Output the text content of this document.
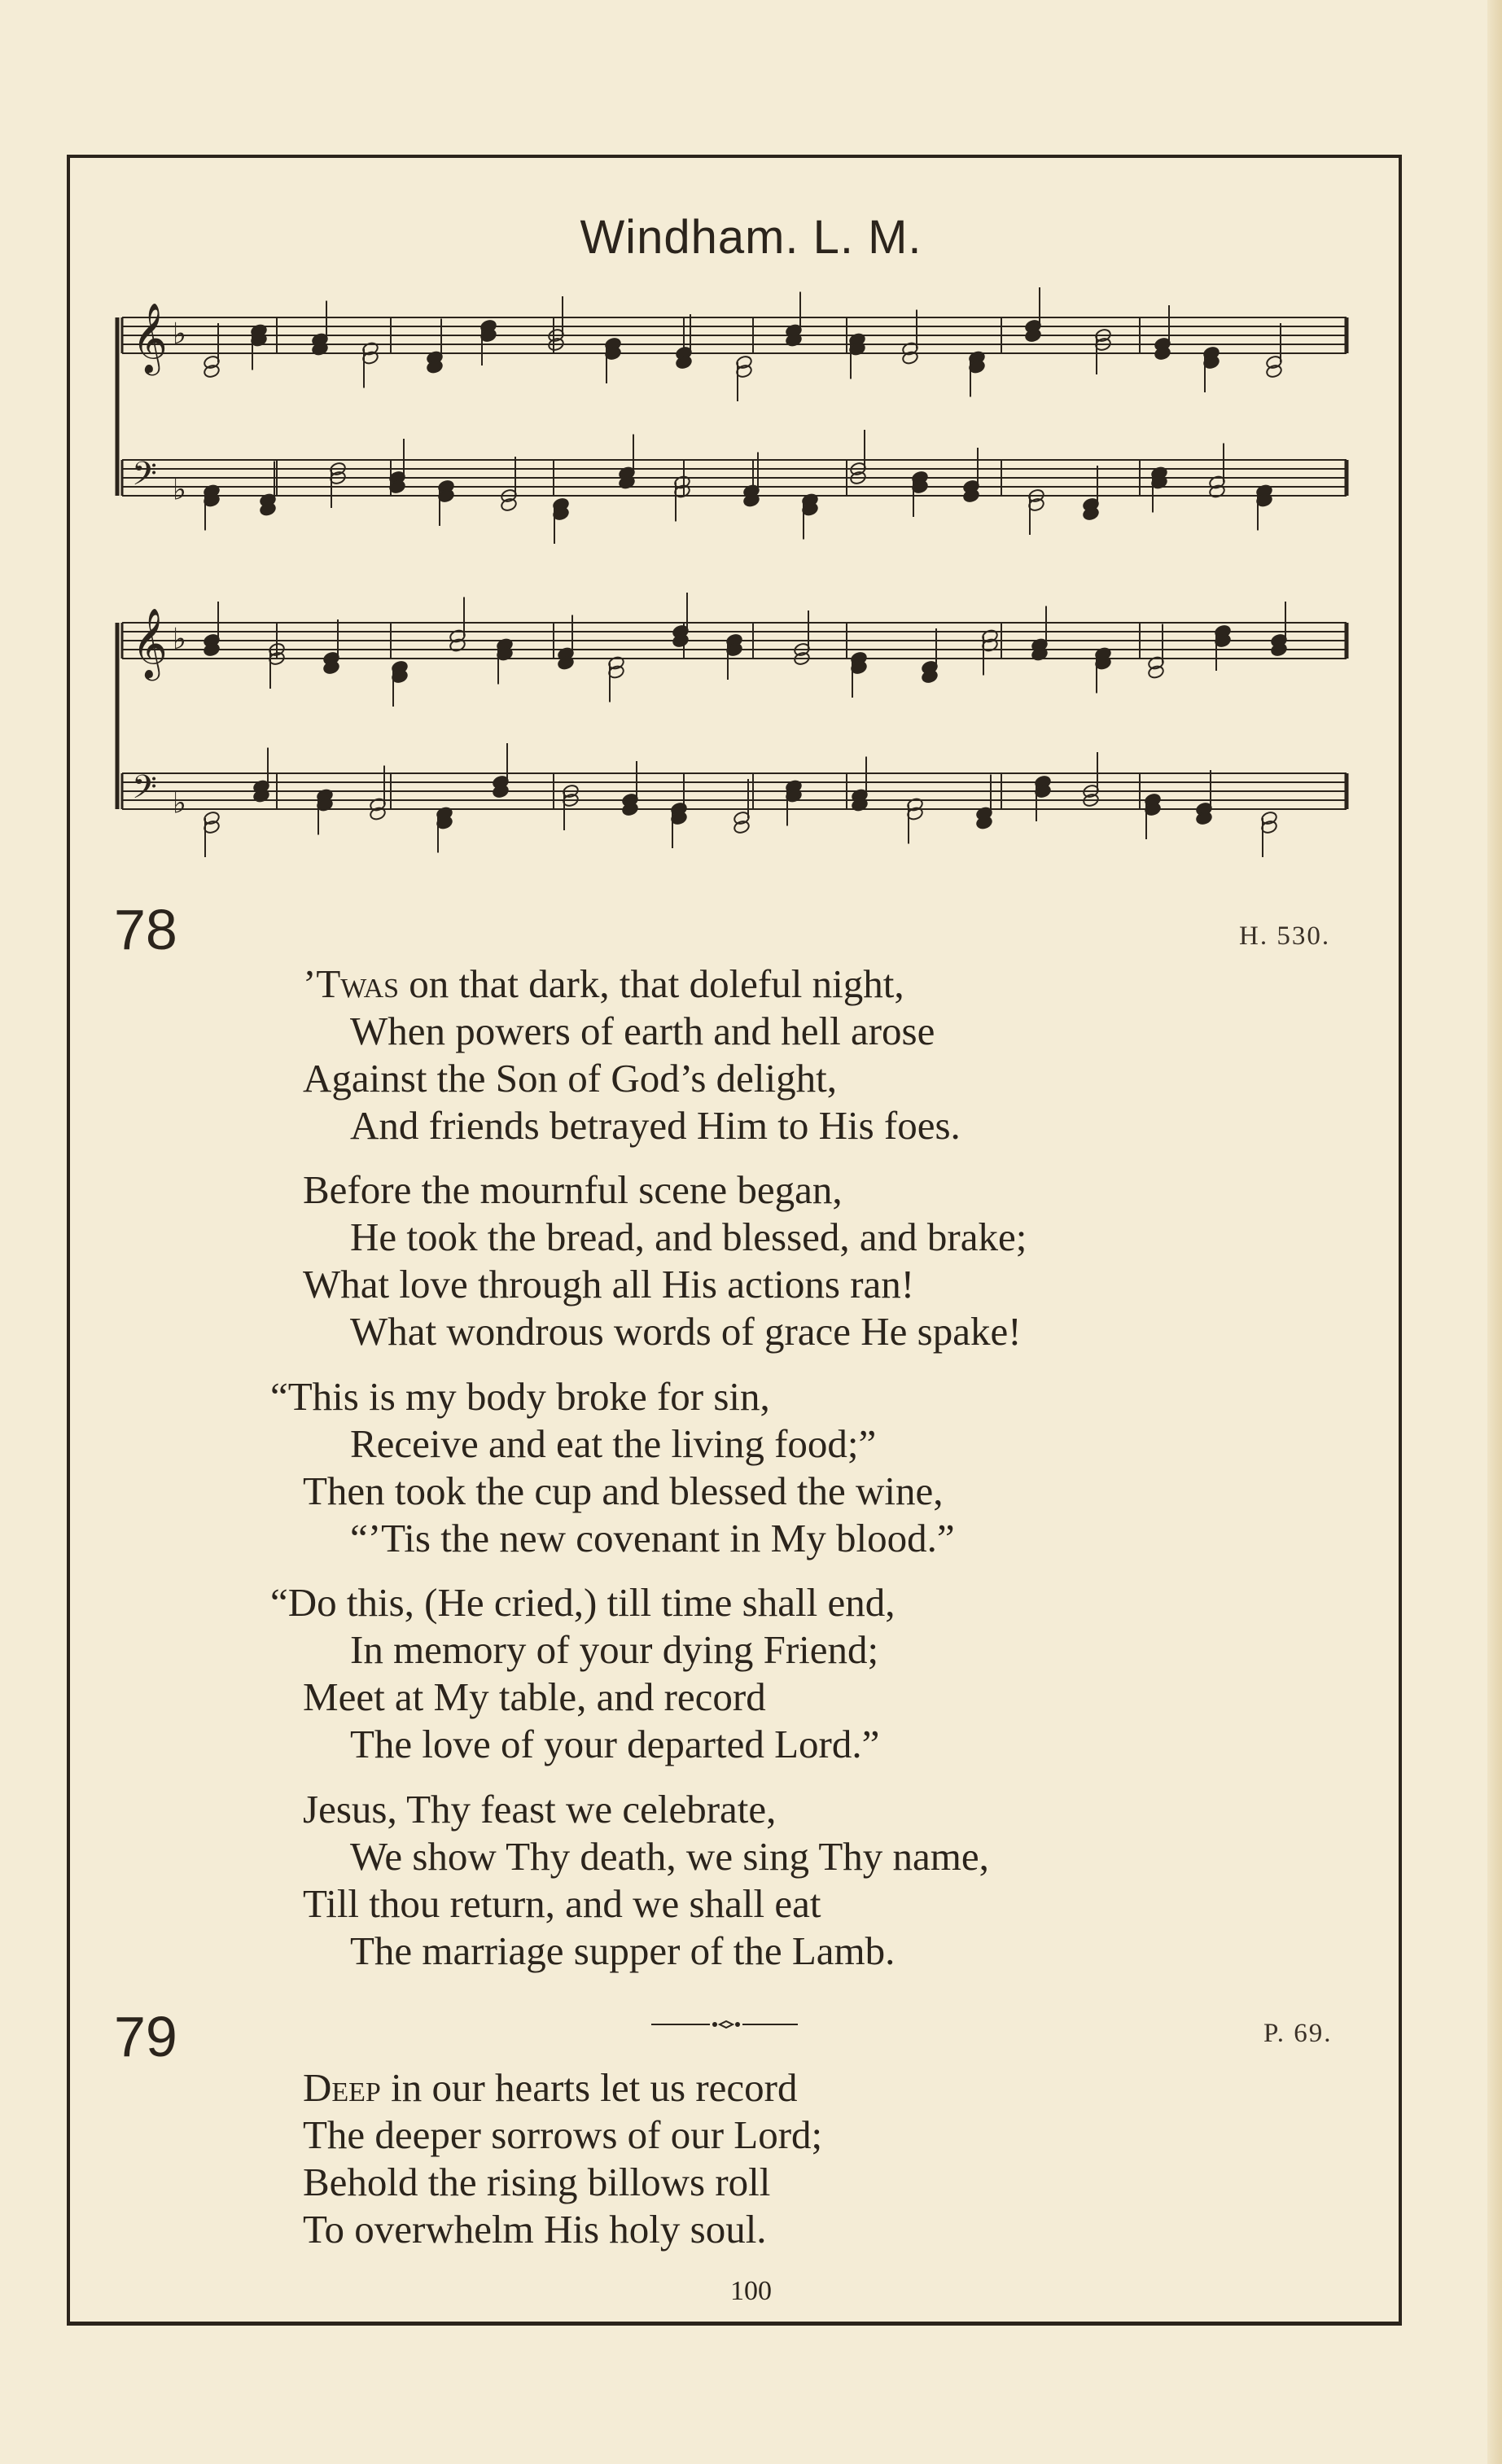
Windham. L. M.
𝄞 ♭
𝄢 ♭
𝄞 ♭
𝄢 ♭
78	H. 530.
’Twas on that dark, that doleful night,
When powers of earth and hell arose
Against the Son of God’s delight,
And friends betrayed Him to His foes.
Before the mournful scene began,
He took the bread, and blessed, and brake;
What love through all His actions ran!
What wondrous words of grace He spake!
“This is my body broke for sin,
Receive and eat the living food;”
Then took the cup and blessed the wine,
“’Tis the new covenant in My blood.”
“Do this, (He cried,) till time shall end,
In memory of your dying Friend;
Meet at My table, and record
The love of your departed Lord.”
Jesus, Thy feast we celebrate,
We show Thy death, we sing Thy name,
Till thou return, and we shall eat
The marriage supper of the Lamb.
79	P. 69.
Deep in our hearts let us record
The deeper sorrows of our Lord;
Behold the rising billows roll
To overwhelm His holy soul.
100
